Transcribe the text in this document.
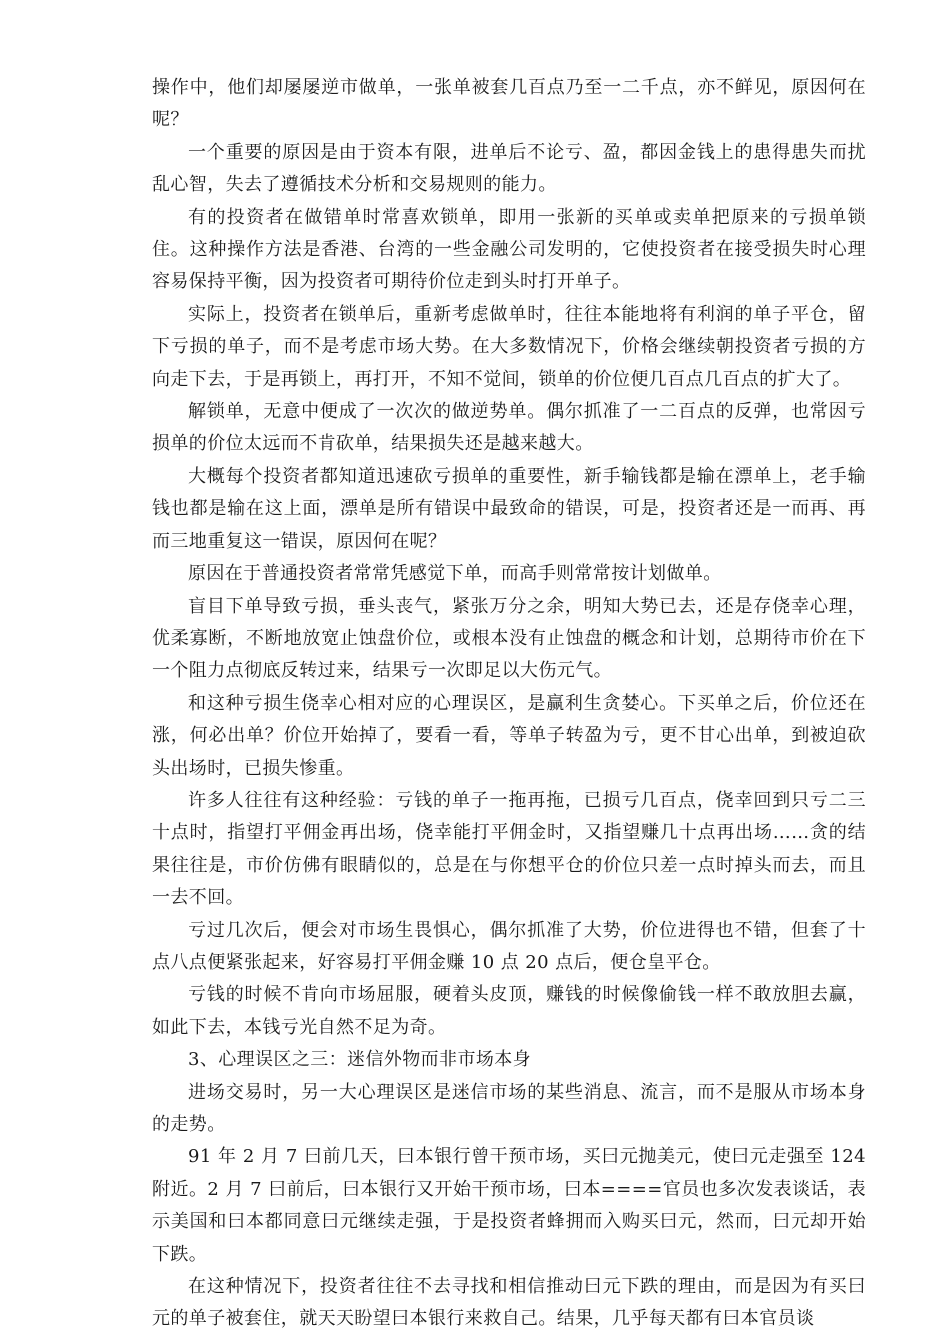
操作中，他们却屡屡逆市做单，一张单被套几百点乃至一二千点，亦不鲜见，原因何在呢？

一个重要的原因是由于资本有限，进单后不论亏、盈，都因金钱上的患得患失而扰乱心智，失去了遵循技术分析和交易规则的能力。

有的投资者在做错单时常喜欢锁单，即用一张新的买单或卖单把原来的亏损单锁住。这种操作方法是香港、台湾的一些金融公司发明的，它使投资者在接受损失时心理容易保持平衡，因为投资者可期待价位走到头时打开单子。

实际上，投资者在锁单后，重新考虑做单时，往往本能地将有利润的单子平仓，留下亏损的单子，而不是考虑市场大势。在大多数情况下，价格会继续朝投资者亏损的方向走下去，于是再锁上，再打开，不知不觉间，锁单的价位便几百点几百点的扩大了。

解锁单，无意中便成了一次次的做逆势单。偶尔抓准了一二百点的反弹，也常因亏损单的价位太远而不肯砍单，结果损失还是越来越大。

大概每个投资者都知道迅速砍亏损单的重要性，新手输钱都是输在漂单上，老手输钱也都是输在这上面，漂单是所有错误中最致命的错误，可是，投资者还是一而再、再而三地重复这一错误，原因何在呢？

原因在于普通投资者常常凭感觉下单，而高手则常常按计划做单。

盲目下单导致亏损，垂头丧气，紧张万分之余，明知大势已去，还是存侥幸心理，优柔寡断，不断地放宽止蚀盘价位，或根本没有止蚀盘的概念和计划，总期待市价在下一个阻力点彻底反转过来，结果亏一次即足以大伤元气。

和这种亏损生侥幸心相对应的心理误区，是赢利生贪婪心。下买单之后，价位还在涨，何必出单？价位开始掉了，要看一看，等单子转盈为亏，更不甘心出单，到被迫砍头出场时，已损失惨重。

许多人往往有这种经验：亏钱的单子一拖再拖，已损亏几百点，侥幸回到只亏二三十点时，指望打平佣金再出场，侥幸能打平佣金时，又指望赚几十点再出场……贪的结果往往是，市价仿佛有眼睛似的，总是在与你想平仓的价位只差一点时掉头而去，而且一去不回。

亏过几次后，便会对市场生畏惧心，偶尔抓准了大势，价位进得也不错，但套了十点八点便紧张起来，好容易打平佣金赚 10 点 20 点后，便仓皇平仓。

亏钱的时候不肯向市场屈服，硬着头皮顶，赚钱的时候像偷钱一样不敢放胆去赢，如此下去，本钱亏光自然不足为奇。

3、心理误区之三：迷信外物而非市场本身

进场交易时，另一大心理误区是迷信市场的某些消息、流言，而不是服从市场本身的走势。

91 年 2 月 7 曰前几天，曰本银行曾干预市场，买曰元抛美元，使曰元走强至 124 附近。2 月 7 曰前后，曰本银行又开始干预市场，曰本====官员也多次发表谈话，表示美国和曰本都同意曰元继续走强，于是投资者蜂拥而入购买曰元，然而，曰元却开始下跌。

在这种情况下，投资者往往不去寻找和相信推动曰元下跌的理由，而是因为有买曰元的单子被套住，就天天盼望曰本银行来救自己。结果，几乎每天都有曰本官员谈
